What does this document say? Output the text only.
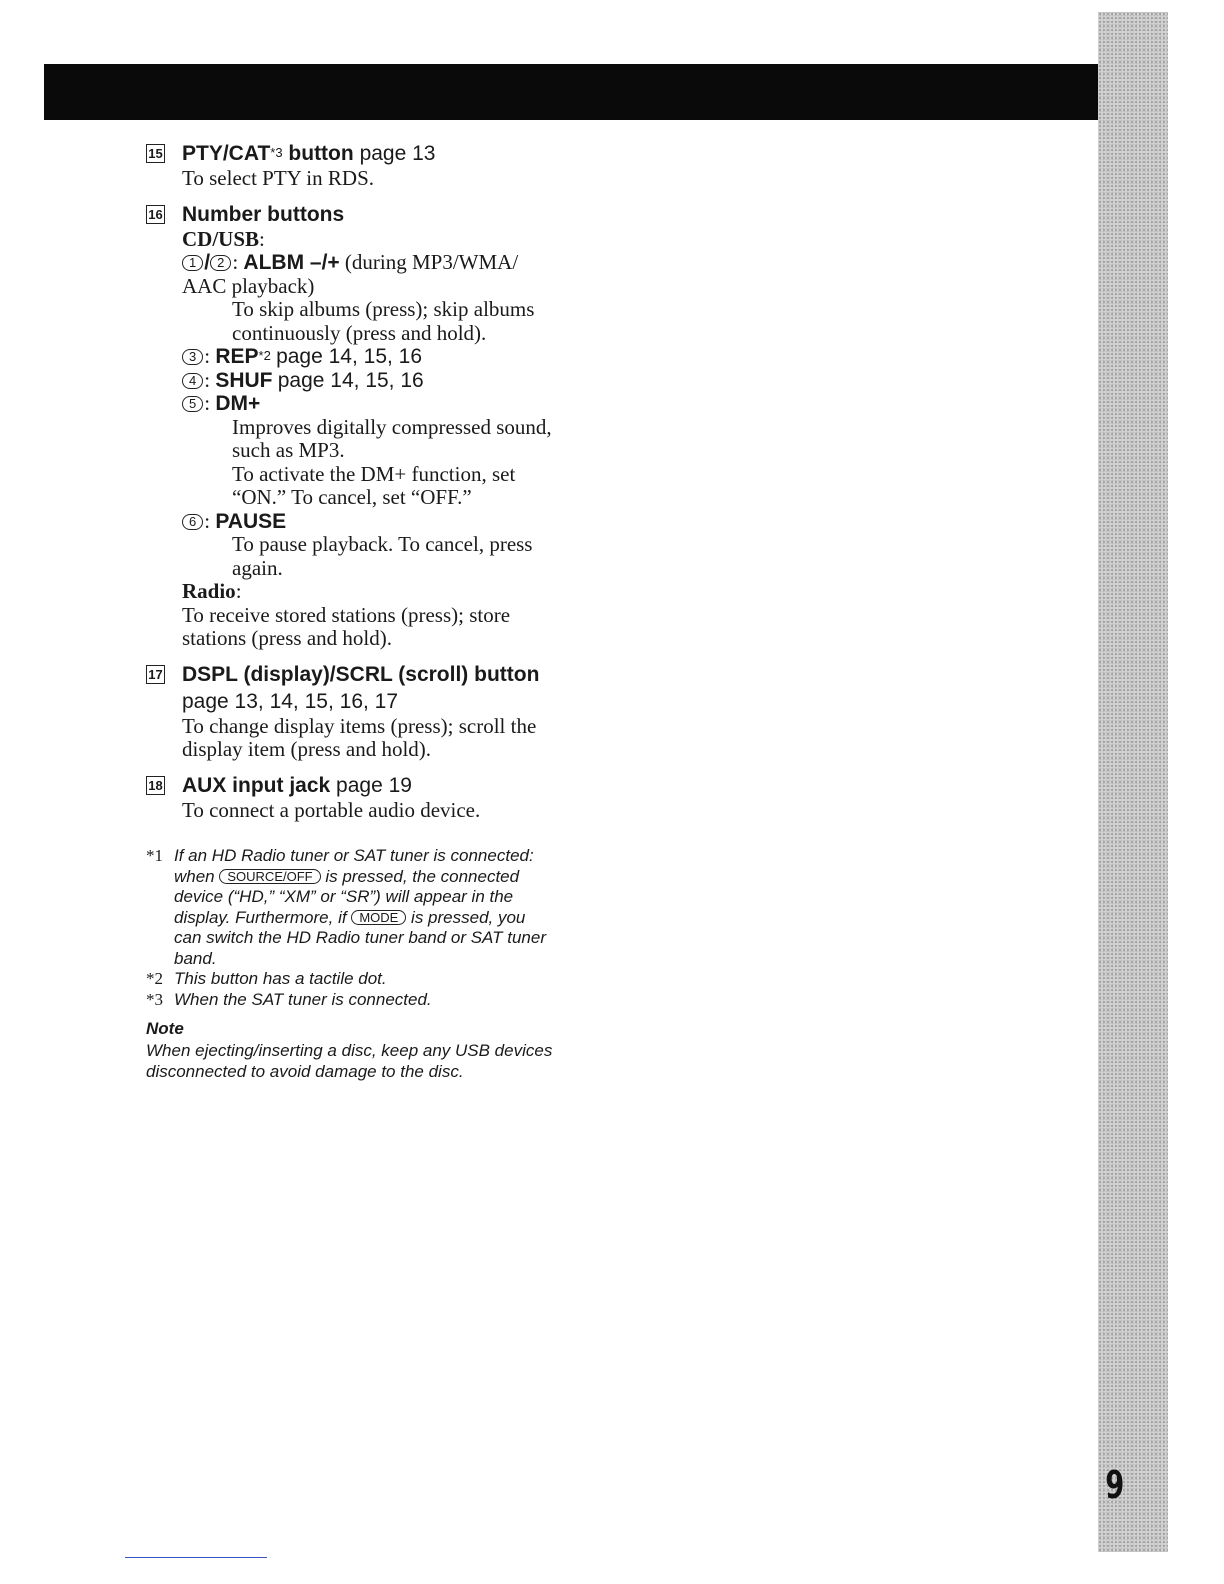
9
15 PTY/CAT$^{*3}$ button page 13
To select PTY in RDS.
16 Number buttons
CD/USB:
1 / 2 : ALBM –/+ (during MP3/WMA/
AAC playback)
To skip albums (press); skip albums
continuously (press and hold).
3 : REP$^{*2}$ page 14, 15, 16
4 : SHUF page 14, 15, 16
5 : DM+
Improves digitally compressed sound,
such as MP3.
To activate the DM+ function, set
“ON.” To cancel, set “OFF.”
6 : PAUSE
To pause playback. To cancel, press
again.
Radio:
To receive stored stations (press); store
stations (press and hold).
17 DSPL (display)/SCRL (scroll) button
page 13, 14, 15, 16, 17
To change display items (press); scroll the
display item (press and hold).
18 AUX input jack page 19
To connect a portable audio device.
*1 If an HD Radio tuner or SAT tuner is connected:
when SOURCE/OFF is pressed, the connected
device (“HD,” “XM” or “SR”) will appear in the
display. Furthermore, if MODE is pressed, you
can switch the HD Radio tuner band or SAT tuner
band.
*2 This button has a tactile dot.
*3 When the SAT tuner is connected.
Note
When ejecting/inserting a disc, keep any USB devices
disconnected to avoid damage to the disc.
